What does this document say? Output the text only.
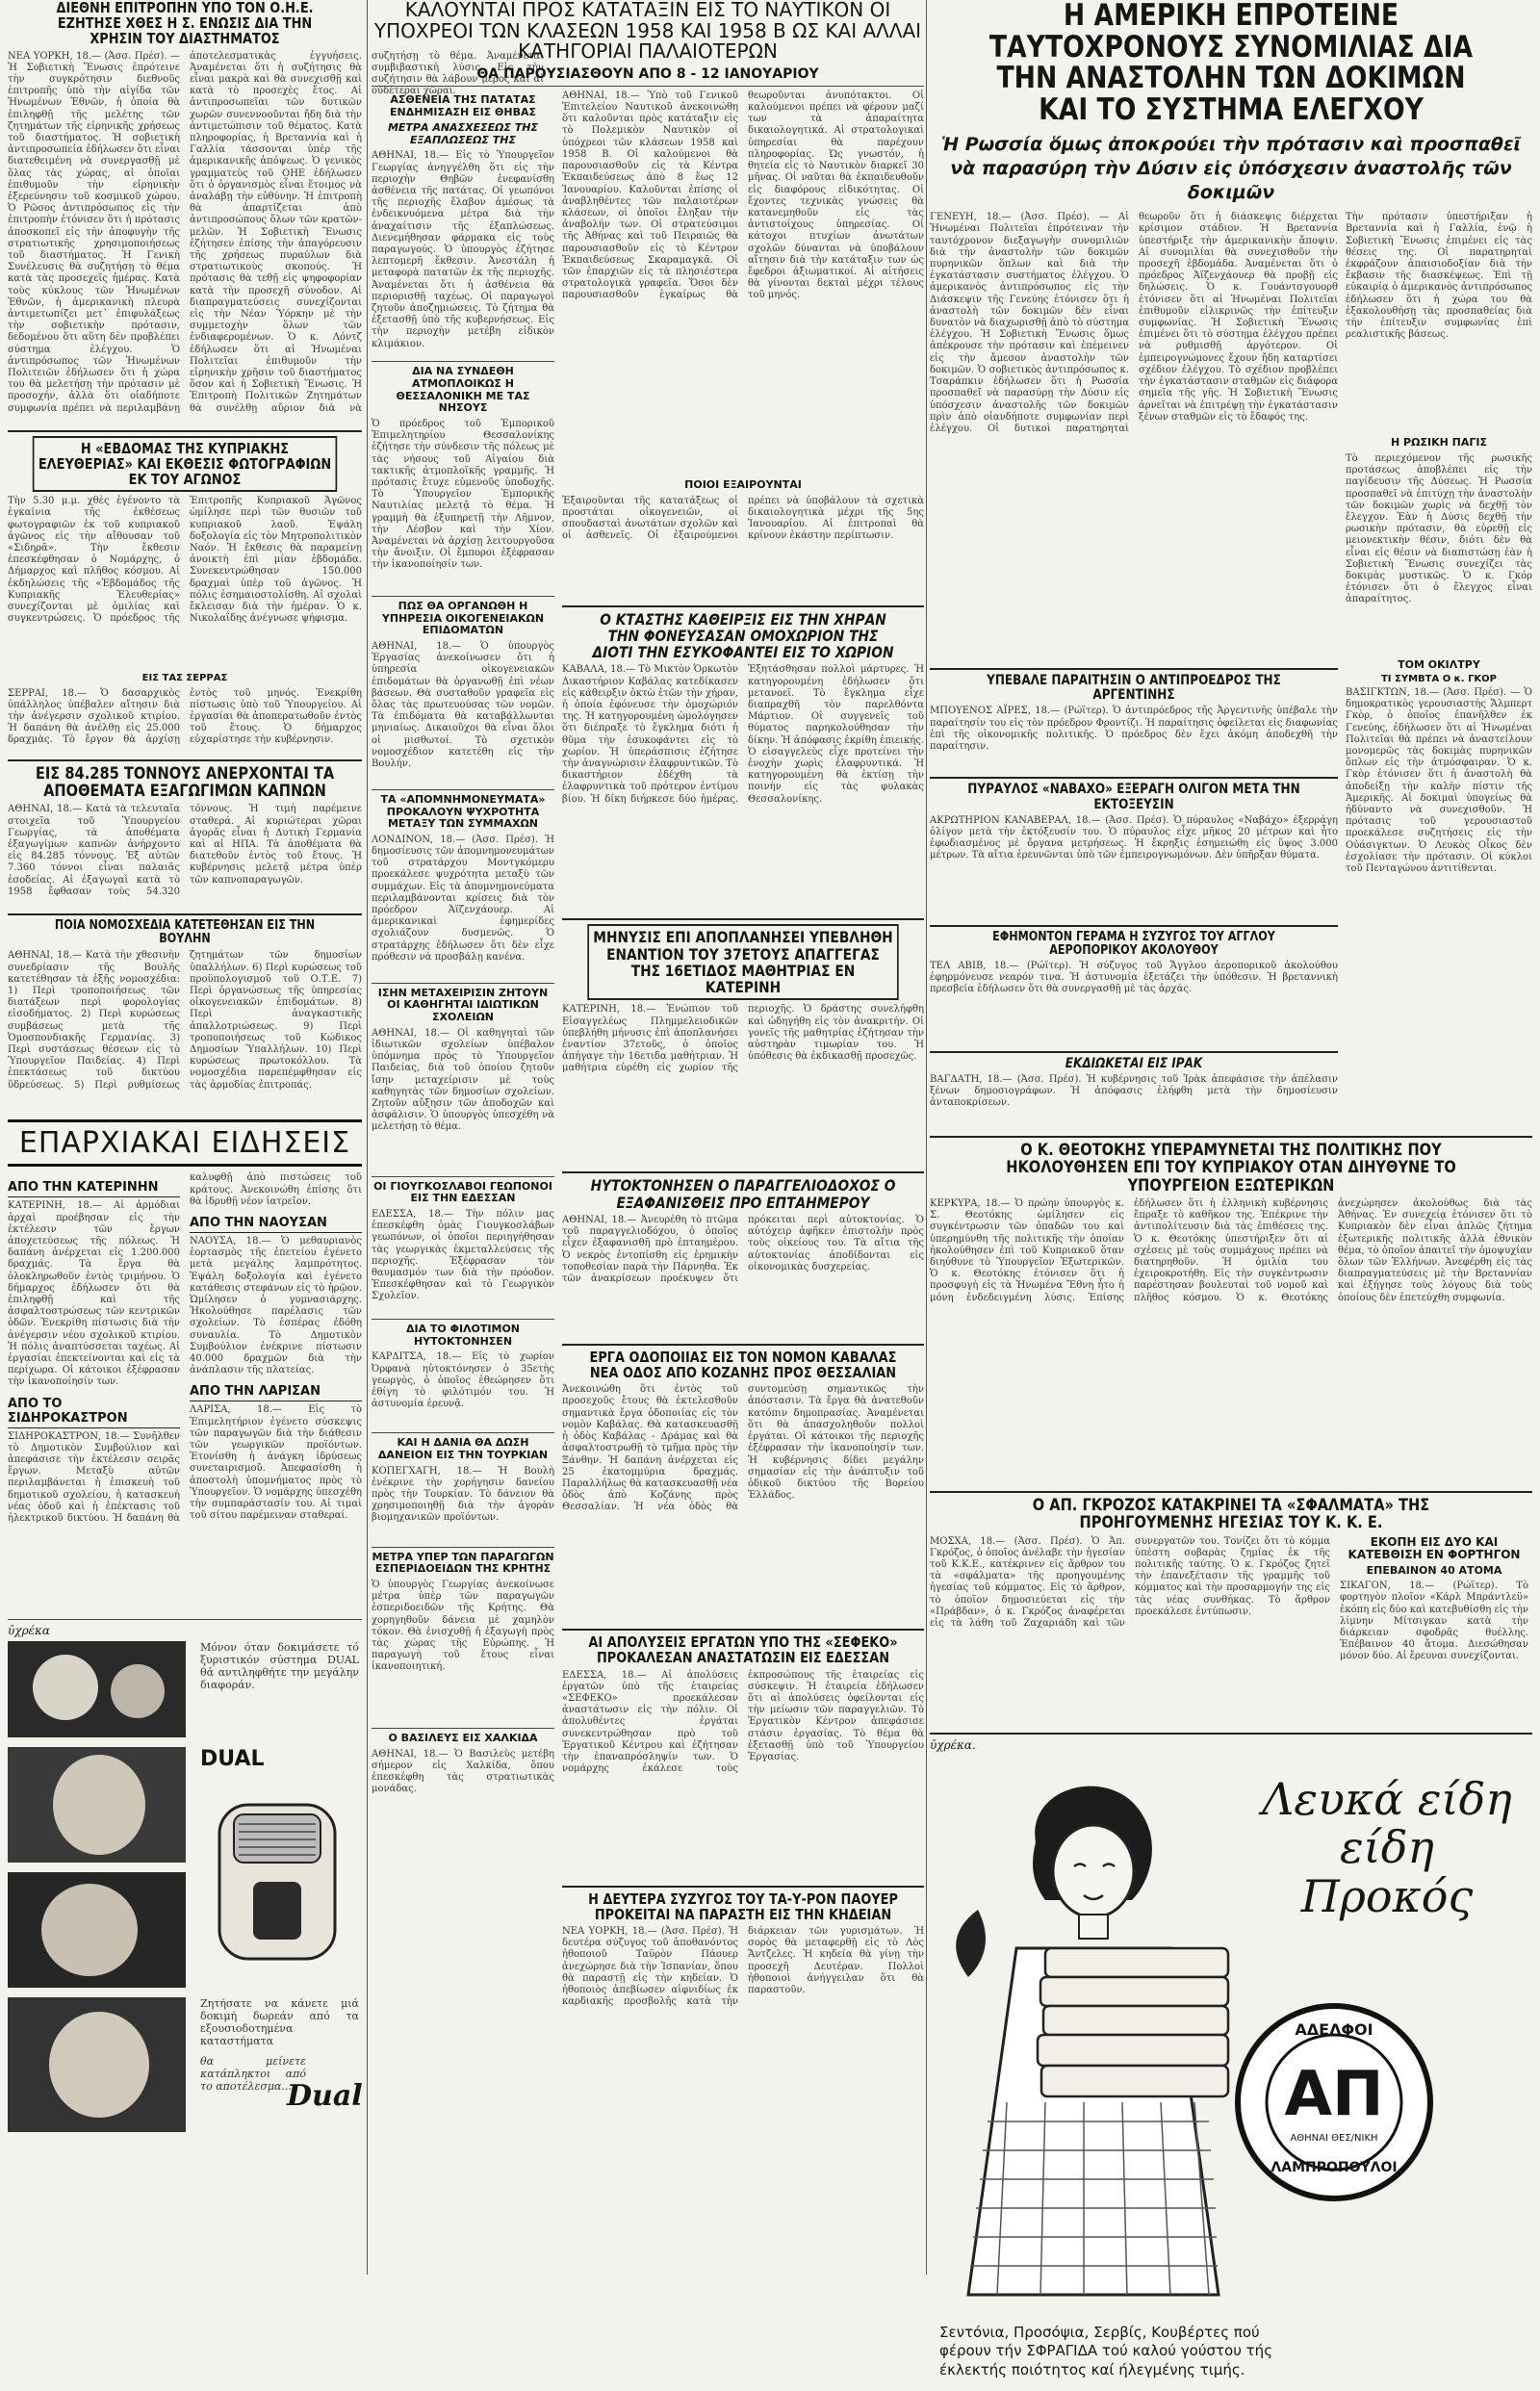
ΔΙΕΘΝΗ ΕΠΙΤΡΟΠΗΝ ΥΠΟ ΤΟΝ Ο.Η.Ε. ΕΖΗΤΗΣΕ ΧΘΕΣ Η Σ. ΕΝΩΣΙΣ ΔΙΑ ΤΗΝ ΧΡΗΣΙΝ ΤΟΥ ΔΙΑΣΤΗΜΑΤΟΣ
ΝΕΑ ΥΟΡΚΗ, 18.— (Ἀσσ. Πρέσ). — Ἡ Σοβιετικὴ Ἕνωσις ἐπρότεινε τὴν συγκρότησιν διεθνοῦς ἐπιτροπῆς ὑπὸ τὴν αἰγίδα τῶν Ἡνωμένων Ἐθνῶν, ἡ ὁποία θὰ ἐπιληφθῇ τῆς μελέτης τῶν ζητημάτων τῆς εἰρηνικῆς χρήσεως τοῦ διαστήματος. Ἡ σοβιετικὴ ἀντιπροσωπεία ἐδήλωσεν ὅτι εἶναι διατεθειμένη νὰ συνεργασθῇ μὲ ὅλας τὰς χώρας, αἱ ὁποῖαι ἐπιθυμοῦν τὴν εἰρηνικὴν ἐξερεύνησιν τοῦ κοσμικοῦ χώρου. Ὁ Ρῶσος ἀντιπρόσωπος εἰς τὴν ἐπιτροπὴν ἐτόνισεν ὅτι ἡ πρότασις ἀποσκοπεῖ εἰς τὴν ἀποφυγὴν τῆς στρατιωτικῆς χρησιμοποιήσεως τοῦ διαστήματος. Ἡ Γενικὴ Συνέλευσις θὰ συζητήσῃ τὸ θέμα κατὰ τὰς προσεχεῖς ἡμέρας. Κατὰ τοὺς κύκλους τῶν Ἡνωμένων Ἐθνῶν, ἡ ἀμερικανικὴ πλευρὰ ἀντιμετωπίζει μετ᾿ ἐπιφυλάξεως τὴν σοβιετικὴν πρότασιν, δεδομένου ὅτι αὕτη δὲν προβλέπει σύστημα ἐλέγχου. Ὁ ἀντιπρόσωπος τῶν Ἡνωμένων Πολιτειῶν ἐδήλωσεν ὅτι ἡ χώρα του θὰ μελετήσῃ τὴν πρότασιν μὲ προσοχήν, ἀλλὰ ὅτι οἱαδήποτε συμφωνία πρέπει νὰ περιλαμβάνῃ ἀποτελεσματικὰς ἐγγυήσεις. Ἀναμένεται ὅτι ἡ συζήτησις θὰ εἶναι μακρὰ καὶ θὰ συνεχισθῇ καὶ κατὰ τὸ προσεχὲς ἔτος. Αἱ ἀντιπροσωπεῖαι τῶν δυτικῶν χωρῶν συνεννοοῦνται ἤδη διὰ τὴν ἀντιμετώπισιν τοῦ θέματος. Κατὰ πληροφορίας, ἡ Βρεταννία καὶ ἡ Γαλλία τάσσονται ὑπὲρ τῆς ἀμερικανικῆς ἀπόψεως. Ὁ γενικὸς γραμματεὺς τοῦ ΟΗΕ ἐδήλωσεν ὅτι ὁ ὀργανισμὸς εἶναι ἕτοιμος νὰ ἀναλάβῃ τὴν εὐθύνην. Ἡ ἐπιτροπὴ θὰ ἀπαρτίζεται ἀπὸ ἀντιπροσώπους ὅλων τῶν κρατῶν-μελῶν. Ἡ Σοβιετικὴ Ἕνωσις ἐζήτησεν ἐπίσης τὴν ἀπαγόρευσιν τῆς χρήσεως πυραύλων διὰ στρατιωτικοὺς σκοπούς. Ἡ πρότασις θὰ τεθῇ εἰς ψηφοφορίαν κατὰ τὴν προσεχῆ σύνοδον. Αἱ διαπραγματεύσεις συνεχίζονται εἰς τὴν Νέαν Ὑόρκην μὲ τὴν συμμετοχὴν ὅλων τῶν ἐνδιαφερομένων. Ὁ κ. Λόντζ ἐδήλωσεν ὅτι αἱ Ἡνωμέναι Πολιτεῖαι ἐπιθυμοῦν τὴν εἰρηνικὴν χρῆσιν τοῦ διαστήματος ὅσον καὶ ἡ Σοβιετικὴ Ἕνωσις. Ἡ Ἐπιτροπὴ Πολιτικῶν Ζητημάτων θὰ συνέλθῃ αὔριον διὰ νὰ συζητήσῃ τὸ θέμα. Ἀναμένεται συμβιβαστικὴ λύσις. Εἰς τὴν συζήτησιν θὰ λάβουν μέρος καὶ αἱ οὐδέτεραι χῶραι.
Η «ΕΒΔΟΜΑΣ ΤΗΣ ΚΥΠΡΙΑΚΗΣ ΕΛΕΥΘΕΡΙΑΣ» ΚΑΙ ΕΚΘΕΣΙΣ ΦΩΤΟΓΡΑΦΙΩΝ ΕΚ ΤΟΥ ΑΓΩΝΟΣ
Τὴν 5.30 μ.μ. χθὲς ἐγένοντο τὰ ἐγκαίνια τῆς ἐκθέσεως φωτογραφιῶν ἐκ τοῦ κυπριακοῦ ἀγῶνος εἰς τὴν αἴθουσαν τοῦ «Σιδηρᾶ». Τὴν ἔκθεσιν ἐπεσκέφθησαν ὁ Νομάρχης, ὁ Δήμαρχος καὶ πλῆθος κόσμου. Αἱ ἐκδηλώσεις τῆς «Ἑβδομάδος τῆς Κυπριακῆς Ἐλευθερίας» συνεχίζονται μὲ ὁμιλίας καὶ συγκεντρώσεις. Ὁ πρόεδρος τῆς Ἐπιτροπῆς Κυπριακοῦ Ἀγῶνος ὡμίλησε περὶ τῶν θυσιῶν τοῦ κυπριακοῦ λαοῦ. Ἐψάλη δοξολογία εἰς τὸν Μητροπολιτικὸν Ναόν. Ἡ ἔκθεσις θὰ παραμείνῃ ἀνοικτὴ ἐπὶ μίαν ἑβδομάδα. Συνεκεντρώθησαν 150.000 δραχμαὶ ὑπὲρ τοῦ ἀγῶνος. Ἡ πόλις ἐσημαιοστολίσθη. Αἱ σχολαὶ ἔκλεισαν διὰ τὴν ἡμέραν. Ὁ κ. Νικολαΐδης ἀνέγνωσε ψήφισμα.
ΕΙΣ ΤΑΣ ΣΕΡΡΑΣ
ΣΕΡΡΑΙ, 18.— Ὁ δασαρχικὸς ὑπάλληλος ὑπέβαλεν αἴτησιν διὰ τὴν ἀνέγερσιν σχολικοῦ κτιρίου. Ἡ δαπάνη θὰ ἀνέλθῃ εἰς 25.000 δραχμὰς. Τὸ ἔργον θὰ ἀρχίσῃ ἐντὸς τοῦ μηνός. Ἐνεκρίθη πίστωσις ὑπὸ τοῦ Ὑπουργείου. Αἱ ἐργασίαι θὰ ἀποπερατωθοῦν ἐντὸς τοῦ ἔτους. Ὁ δήμαρχος εὐχαρίστησε τὴν κυβέρνησιν.
ΕΙΣ 84.285 ΤΟΝΝΟΥΣ ΑΝΕΡΧΟΝΤΑΙ ΤΑ ΑΠΟΘΕΜΑΤΑ ΕΞΑΓΩΓΙΜΩΝ ΚΑΠΝΩΝ
ΑΘΗΝΑΙ, 18.— Κατὰ τὰ τελευταῖα στοιχεῖα τοῦ Ὑπουργείου Γεωργίας, τὰ ἀποθέματα ἐξαγωγίμων καπνῶν ἀνήρχοντο εἰς 84.285 τόννους. Ἐξ αὐτῶν 7.360 τόννοι εἶναι παλαιᾶς ἐσοδείας. Αἱ ἐξαγωγαὶ κατὰ τὸ 1958 ἔφθασαν τοὺς 54.320 τόννους. Ἡ τιμὴ παρέμεινε σταθερά. Αἱ κυριώτεραι χῶραι ἀγορᾶς εἶναι ἡ Δυτικὴ Γερμανία καὶ αἱ ΗΠΑ. Τὰ ἀποθέματα θὰ διατεθοῦν ἐντὸς τοῦ ἔτους. Ἡ κυβέρνησις μελετᾷ μέτρα ὑπὲρ τῶν καπνοπαραγωγῶν.
ΠΟΙΑ ΝΟΜΟΣΧΕΔΙΑ ΚΑΤΕΤΕΘΗΣΑΝ ΕΙΣ ΤΗΝ ΒΟΥΛΗΝ
ΑΘΗΝΑΙ, 18.— Κατὰ τὴν χθεσινὴν συνεδρίασιν τῆς Βουλῆς κατετέθησαν τὰ ἑξῆς νομοσχέδια: 1) Περὶ τροποποιήσεως τῶν διατάξεων περὶ φορολογίας εἰσοδήματος. 2) Περὶ κυρώσεως συμβάσεως μετὰ τῆς Ὁμοσπονδιακῆς Γερμανίας. 3) Περὶ συστάσεως θέσεων εἰς τὸ Ὑπουργεῖον Παιδείας. 4) Περὶ ἐπεκτάσεως τοῦ δικτύου ὕδρεύσεως. 5) Περὶ ρυθμίσεως ζητημάτων τῶν δημοσίων ὑπαλλήλων. 6) Περὶ κυρώσεως τοῦ προϋπολογισμοῦ τοῦ Ο.Τ.Ε. 7) Περὶ ὀργανώσεως τῆς ὑπηρεσίας οἰκογενειακῶν ἐπιδομάτων. 8) Περὶ ἀναγκαστικῆς ἀπαλλοτριώσεως. 9) Περὶ τροποποιήσεως τοῦ Κώδικος Δημοσίων Ὑπαλλήλων. 10) Περὶ κυρώσεως πρωτοκόλλου. Τὰ νομοσχέδια παρεπέμφθησαν εἰς τὰς ἁρμοδίας ἐπιτροπάς.
ΕΠΑΡΧΙΑΚΑΙ ΕΙΔΗΣΕΙΣ
ΑΠΟ ΤΗΝ ΚΑΤΕΡΙΝΗΝ
ΚΑΤΕΡΙΝΗ, 18.— Αἱ ἀρμόδιαι ἀρχαὶ προέβησαν εἰς τὴν ἐκτέλεσιν τῶν ἔργων ἀποχετεύσεως τῆς πόλεως. Ἡ δαπάνη ἀνέρχεται εἰς 1.200.000 δραχμάς. Τὰ ἔργα θὰ ὁλοκληρωθοῦν ἐντὸς τριμήνου. Ὁ δήμαρχος ἐδήλωσεν ὅτι θὰ ἐπιληφθῇ καὶ τῆς ἀσφαλτοστρώσεως τῶν κεντρικῶν ὁδῶν. Ἐνεκρίθη πίστωσις διὰ τὴν ἀνέγερσιν νέου σχολικοῦ κτιρίου. Ἡ πόλις ἀναπτύσσεται ταχέως. Αἱ ἐργασίαι ἐπεκτείνονται καὶ εἰς τὰ περίχωρα. Οἱ κάτοικοι ἐξέφρασαν τὴν ἱκανοποίησίν των.
ΑΠΟ ΤΟ ΣΙΔΗΡΟΚΑΣΤΡΟΝ
ΣΙΔΗΡΟΚΑΣΤΡΟΝ, 18.— Συνῆλθεν τὸ Δημοτικὸν Συμβούλιον καὶ ἀπεφάσισε τὴν ἐκτέλεσιν σειρᾶς ἔργων. Μεταξὺ αὐτῶν περιλαμβάνεται ἡ ἐπισκευὴ τοῦ δημοτικοῦ σχολείου, ἡ κατασκευὴ νέας ὁδοῦ καὶ ἡ ἐπέκτασις τοῦ ἠλεκτρικοῦ δικτύου. Ἡ δαπάνη θὰ καλυφθῇ ἀπὸ πιστώσεις τοῦ κράτους. Ἀνεκοινώθη ἐπίσης ὅτι θὰ ἱδρυθῇ νέον ἰατρεῖον.
ΑΠΟ ΤΗΝ ΝΑΟΥΣΑΝ
ΝΑΟΥΣΑ, 18.— Ὁ μεθαυριανὸς ἑορτασμὸς τῆς ἐπετείου ἐγένετο μετὰ μεγάλης λαμπρότητος. Ἐψάλη δοξολογία καὶ ἐγένετο κατάθεσις στεφάνων εἰς τὸ ἡρῷον. Ὡμίλησεν ὁ γυμνασιάρχης. Ἠκολούθησε παρέλασις τῶν σχολείων. Τὸ ἑσπέρας ἐδόθη συναυλία. Τὸ Δημοτικὸν Συμβούλιον ἐνέκρινε πίστωσιν 40.000 δραχμῶν διὰ τὴν ἀνάπλασιν τῆς πλατείας.
ΑΠΟ ΤΗΝ ΛΑΡΙΣΑΝ
ΛΑΡΙΣΑ, 18.— Εἰς τὸ Ἐπιμελητήριον ἐγένετο σύσκεψις τῶν παραγωγῶν διὰ τὴν διάθεσιν τῶν γεωργικῶν προϊόντων. Ἐτονίσθη ἡ ἀνάγκη ἱδρύσεως συνεταιρισμοῦ. Ἀπεφασίσθη ἡ ἀποστολὴ ὑπομνήματος πρὸς τὸ Ὑπουργεῖον. Ὁ νομάρχης ὑπεσχέθη τὴν συμπαράστασίν του. Αἱ τιμαὶ τοῦ σίτου παρέμειναν σταθεραί.
ῡχρέκα
Μόνον όταν δοκιμάσετε τό ξυριστικόν σύστημα DUAL θά αντιληφθήτε την μεγάλην διαφοράν.
DUAL
Ζητήσατε να κάνετε μιά δοκιμή δωρεάν από τα εξουσιοδοτημένα καταστήματα
θα μείνετε κατάπληκτοι από τo αποτέλεσμα...
Dual
ΚΑΛΟΥΝΤΑΙ ΠΡΟΣ ΚΑΤΑΤΑΞΙΝ ΕΙΣ ΤΟ ΝΑΥΤΙΚΟΝ ΟΙ ΥΠΟΧΡΕΟΙ ΤΩΝ ΚΛΑΣΕΩΝ 1958 ΚΑΙ 1958 Β ΩΣ ΚΑΙ ΑΛΛΑΙ ΚΑΤΗΓΟΡΙΑΙ ΠΑΛΑΙΟΤΕΡΩΝ
ΘΑ ΠΑΡΟΥΣΙΑΣΘΟΥΝ ΑΠΟ 8 - 12 ΙΑΝΟΥΑΡΙΟΥ
ΑΣΘΕΝΕΙΑ ΤΗΣ ΠΑΤΑΤΑΣ ΕΝΔΗΜΙΣΑΣΗ ΕΙΣ ΘΗΒΑΣ
ΜΕΤΡΑ ΑΝΑΣΧΕΣΕΩΣ ΤΗΣ ΕΞΑΠΛΩΣΕΩΣ ΤΗΣ
ΑΘΗΝΑΙ, 18.— Εἰς τὸ Ὑπουργεῖον Γεωργίας ἀνηγγέλθη ὅτι εἰς τὴν περιοχὴν Θηβῶν ἐνεφανίσθη ἀσθένεια τῆς πατάτας. Οἱ γεωπόνοι τῆς περιοχῆς ἔλαβον ἀμέσως τὰ ἐνδεικνυόμενα μέτρα διὰ τὴν ἀναχαίτισιν τῆς ἐξαπλώσεως. Διενεμήθησαν φάρμακα εἰς τοὺς παραγωγούς. Ὁ ὑπουργὸς ἐζήτησε λεπτομερῆ ἔκθεσιν. Ἀνεστάλη ἡ μεταφορὰ πατατῶν ἐκ τῆς περιοχῆς. Ἀναμένεται ὅτι ἡ ἀσθένεια θὰ περιορισθῇ ταχέως. Οἱ παραγωγοὶ ζητοῦν ἀποζημιώσεις. Τὸ ζήτημα θὰ ἐξετασθῇ ὑπὸ τῆς κυβερνήσεως. Εἰς τὴν περιοχὴν μετέβη εἰδικὸν κλιμάκιον.
ΔΙΑ ΝΑ ΣΥΝΔΕΘΗ ΑΤΜΟΠΛΟΙΚΩΣ Η ΘΕΣΣΑΛΟΝΙΚΗ ΜΕ ΤΑΣ ΝΗΣΟΥΣ
Ὁ πρόεδρος τοῦ Ἐμπορικοῦ Ἐπιμελητηρίου Θεσσαλονίκης ἐζήτησε τὴν σύνδεσιν τῆς πόλεως μὲ τὰς νήσους τοῦ Αἰγαίου διὰ τακτικῆς ἀτμοπλοϊκῆς γραμμῆς. Ἡ πρότασις ἔτυχε εὐμενοῦς ὑποδοχῆς. Τὸ Ὑπουργεῖον Ἐμπορικῆς Ναυτιλίας μελετᾷ τὸ θέμα. Ἡ γραμμὴ θὰ ἐξυπηρετῇ τὴν Λῆμνον, τὴν Λέσβον καὶ τὴν Χίον. Ἀναμένεται νὰ ἀρχίσῃ λειτουργοῦσα τὴν ἄνοιξιν. Οἱ ἔμποροι ἐξέφρασαν τὴν ἱκανοποίησίν των.
ΠΩΣ ΘΑ ΟΡΓΑΝΩΘΗ Η ΥΠΗΡΕΣΙΑ ΟΙΚΟΓΕΝΕΙΑΚΩΝ ΕΠΙΔΟΜΑΤΩΝ
ΑΘΗΝΑΙ, 18.— Ὁ ὑπουργὸς Ἐργασίας ἀνεκοίνωσεν ὅτι ἡ ὑπηρεσία οἰκογενειακῶν ἐπιδομάτων θὰ ὀργανωθῇ ἐπὶ νέων βάσεων. Θὰ συσταθοῦν γραφεῖα εἰς ὅλας τὰς πρωτευούσας τῶν νομῶν. Τὰ ἐπιδόματα θὰ καταβάλλωνται μηνιαίως. Δικαιοῦχοι θὰ εἶναι ὅλοι οἱ μισθωτοί. Τὸ σχετικὸν νομοσχέδιον κατετέθη εἰς τὴν Βουλήν.
ΤΑ «ΑΠΟΜΝΗΜΟΝΕΥΜΑΤΑ» ΠΡΟΚΑΛΟΥΝ ΨΥΧΡΟΤΗΤΑ ΜΕΤΑΞΥ ΤΩΝ ΣΥΜΜΑΧΩΝ
ΛΟΝΔΙΝΟΝ, 18.— (Ἀσσ. Πρέσ). Ἡ δημοσίευσις τῶν ἀπομνημονευμάτων τοῦ στρατάρχου Μοντγκόμερυ προεκάλεσε ψυχρότητα μεταξὺ τῶν συμμάχων. Εἰς τὰ ἀπομνημονεύματα περιλαμβάνονται κρίσεις διὰ τὸν πρόεδρον Ἀϊζενχάουερ. Αἱ ἀμερικανικαὶ ἐφημερίδες σχολιάζουν δυσμενῶς. Ὁ στρατάρχης ἐδήλωσεν ὅτι δὲν εἶχε πρόθεσιν νὰ προσβάλῃ κανένα.
ΙΣΗΝ ΜΕΤΑΧΕΙΡΙΣΙΝ ΖΗΤΟΥΝ ΟΙ ΚΑΘΗΓΗΤΑΙ ΙΔΙΩΤΙΚΩΝ ΣΧΟΛΕΙΩΝ
ΑΘΗΝΑΙ, 18.— Οἱ καθηγηταὶ τῶν ἰδιωτικῶν σχολείων ὑπέβαλον ὑπόμνημα πρὸς τὸ Ὑπουργεῖον Παιδείας, διὰ τοῦ ὁποίου ζητοῦν ἴσην μεταχείρισιν μὲ τοὺς καθηγητὰς τῶν δημοσίων σχολείων. Ζητοῦν αὔξησιν τῶν ἀποδοχῶν καὶ ἀσφάλισιν. Ὁ ὑπουργὸς ὑπεσχέθη νὰ μελετήσῃ τὸ θέμα.
ΟΙ ΓΙΟΥΓΚΟΣΛΑΒΟΙ ΓΕΩΠΟΝΟΙ ΕΙΣ ΤΗΝ ΕΔΕΣΣΑΝ
ΕΔΕΣΣΑ, 18.— Τὴν πόλιν μας ἐπεσκέφθη ὁμὰς Γιουγκοσλάβων γεωπόνων, οἱ ὁποῖοι περιηγήθησαν τὰς γεωργικὰς ἐκμεταλλεύσεις τῆς περιοχῆς. Ἐξέφρασαν τὸν θαυμασμόν των διὰ τὴν πρόοδον. Ἐπεσκέφθησαν καὶ τὸ Γεωργικὸν Σχολεῖον.
ΔΙΑ ΤΟ ΦΙΛΟΤΙΜΟΝ ΗΥΤΟΚΤΟΝΗΣΕΝ
ΚΑΡΔΙΤΣΑ, 18.— Εἰς τὸ χωρίον Ὀρφανὰ ηὐτοκτόνησεν ὁ 35ετὴς γεωργὸς, ὁ ὁποῖος ἐθεώρησεν ὅτι ἐθίγη τὸ φιλότιμόν του. Ἡ ἀστυνομία ἐρευνᾷ.
ΚΑΙ Η ΔΑΝΙΑ ΘΑ ΔΩΣΗ ΔΑΝΕΙΟΝ ΕΙΣ ΤΗΝ ΤΟΥΡΚΙΑΝ
ΚΟΠΕΓΧΑΓΗ, 18.— Ἡ Βουλὴ ἐνέκρινε τὴν χορήγησιν δανείου πρὸς τὴν Τουρκίαν. Τὸ δάνειον θὰ χρησιμοποιηθῇ διὰ τὴν ἀγορὰν βιομηχανικῶν προϊόντων.
ΜΕΤΡΑ ΥΠΕΡ ΤΩΝ ΠΑΡΑΓΩΓΩΝ ΕΣΠΕΡΙΔΟΕΙΔΩΝ ΤΗΣ ΚΡΗΤΗΣ
Ὁ ὑπουργὸς Γεωργίας ἀνεκοίνωσε μέτρα ὑπὲρ τῶν παραγωγῶν ἐσπεριδοειδῶν τῆς Κρήτης. Θὰ χορηγηθοῦν δάνεια μὲ χαμηλὸν τόκον. Θὰ ἐνισχυθῇ ἡ ἐξαγωγὴ πρὸς τὰς χώρας τῆς Εὐρώπης. Ἡ παραγωγὴ τοῦ ἔτους εἶναι ἱκανοποιητική.
Ο ΒΑΣΙΛΕΥΣ ΕΙΣ ΧΑΛΚΙΔΑ
ΑΘΗΝΑΙ, 18.— Ὁ Βασιλεὺς μετέβη σήμερον εἰς Χαλκίδα, ὅπου ἐπεσκέφθη τὰς στρατιωτικὰς μονάδας.
ΑΘΗΝΑΙ, 18.— Ὑπὸ τοῦ Γενικοῦ Ἐπιτελείου Ναυτικοῦ ἀνεκοινώθη ὅτι καλοῦνται πρὸς κατάταξιν εἰς τὸ Πολεμικὸν Ναυτικὸν οἱ ὑπόχρεοι τῶν κλάσεων 1958 καὶ 1958 Β. Οἱ καλούμενοι θὰ παρουσιασθοῦν εἰς τὰ Κέντρα Ἐκπαιδεύσεως ἀπὸ 8 ἕως 12 Ἰανουαρίου. Καλοῦνται ἐπίσης οἱ ἀναβληθέντες τῶν παλαιοτέρων κλάσεων, οἱ ὁποῖοι ἔληξαν τὴν ἀναβολήν των. Οἱ στρατεύσιμοι τῆς Ἀθήνας καὶ τοῦ Πειραιῶς θὰ παρουσιασθοῦν εἰς τὸ Κέντρον Ἐκπαιδεύσεως Σκαραμαγκᾶ. Οἱ τῶν ἐπαρχιῶν εἰς τὰ πλησιέστερα στρατολογικὰ γραφεῖα. Ὅσοι δὲν παρουσιασθοῦν ἐγκαίρως θὰ θεωροῦνται ἀνυπότακτοι. Οἱ καλούμενοι πρέπει νὰ φέρουν μαζί των τὰ ἀπαραίτητα δικαιολογητικά. Αἱ στρατολογικαὶ ὑπηρεσίαι θὰ παρέχουν πληροφορίας. Ὡς γνωστόν, ἡ θητεία εἰς τὸ Ναυτικὸν διαρκεῖ 30 μῆνας. Οἱ ναῦται θὰ ἐκπαιδευθοῦν εἰς διαφόρους εἰδικότητας. Οἱ ἔχοντες τεχνικὰς γνώσεις θὰ κατανεμηθοῦν εἰς τὰς ἀντιστοίχους ὑπηρεσίας. Οἱ κάτοχοι πτυχίων ἀνωτάτων σχολῶν δύνανται νὰ ὑποβάλουν αἴτησιν διὰ τὴν κατάταξιν των ὡς ἔφεδροι ἀξιωματικοί. Αἱ αἰτήσεις θὰ γίνονται δεκταὶ μέχρι τέλους τοῦ μηνός.
ΠΟΙΟΙ ΕΞΑΙΡΟΥΝΤΑΙ
Ἐξαιροῦνται τῆς κατατάξεως οἱ προστάται οἰκογενειῶν, οἱ σπουδασταὶ ἀνωτάτων σχολῶν καὶ οἱ ἀσθενεῖς. Οἱ ἐξαιρούμενοι πρέπει νὰ ὑποβάλουν τὰ σχετικὰ δικαιολογητικὰ μέχρι τῆς 5ης Ἰανουαρίου. Αἱ ἐπιτροπαὶ θὰ κρίνουν ἑκάστην περίπτωσιν.
Ο ΚΤΑΣΤΗΣ ΚΑΘΕΙΡΞΙΣ ΕΙΣ ΤΗΝ ΧΗΡΑΝ ΤΗΝ ΦΟΝΕΥΣΑΣΑΝ ΟΜΟΧΩΡΙΟΝ ΤΗΣ ΔΙΟΤΙ ΤΗΝ ΕΣΥΚΟΦΑΝΤΕΙ ΕΙΣ ΤΟ ΧΩΡΙΟΝ
ΚΑΒΑΛΑ, 18.— Τὸ Μικτὸν Ὁρκωτὸν Δικαστήριον Καβάλας κατεδίκασεν εἰς κάθειρξιν ὀκτὼ ἐτῶν τὴν χήραν, ἡ ὁποία ἐφόνευσε τὴν ὁμοχώριόν της. Ἡ κατηγορουμένη ὡμολόγησεν ὅτι διέπραξε τὸ ἔγκλημα διότι ἡ θῦμα τὴν ἐσυκοφάντει εἰς τὸ χωρίον. Ἡ ὑπεράσπισις ἐζήτησε τὴν ἀναγνώρισιν ἐλαφρυντικῶν. Τὸ δικαστήριον ἐδέχθη τὰ ἐλαφρυντικὰ τοῦ πρότερον ἐντίμου βίου. Ἡ δίκη διήρκεσε δύο ἡμέρας. Ἐξητάσθησαν πολλοὶ μάρτυρες. Ἡ κατηγορουμένη ἐδήλωσεν ὅτι μετανοεῖ. Τὸ ἔγκλημα εἶχε διαπραχθῆ τὸν παρελθόντα Μάρτιον. Οἱ συγγενεῖς τοῦ θύματος παρηκολούθησαν τὴν δίκην. Ἡ ἀπόφασις ἐκρίθη ἐπιεικής. Ὁ εἰσαγγελεὺς εἶχε προτείνει τὴν ἐνοχὴν χωρὶς ἐλαφρυντικά. Ἡ κατηγορουμένη θὰ ἐκτίσῃ τὴν ποινὴν εἰς τὰς φυλακὰς Θεσσαλονίκης.
ΜΗΝΥΣΙΣ ΕΠΙ ΑΠΟΠΛΑΝΗΣΕΙ ΥΠΕΒΛΗΘΗ ΕΝΑΝΤΙΟΝ ΤΟΥ 37ΕΤΟΥΣ ΑΠΑΓΓΕΓΑΣ ΤΗΣ 16ΕΤΙΔΟΣ ΜΑΘΗΤΡΙΑΣ ΕΝ ΚΑΤΕΡΙΝΗ
ΚΑΤΕΡΙΝΗ, 18.— Ἐνώπιον τοῦ Εἰσαγγελέως Πλημμελειοδικῶν ὑπεβλήθη μήνυσις ἐπὶ ἀποπλανήσει ἐναντίον 37ετοῦς, ὁ ὁποῖος ἀπήγαγε τὴν 16ετιδα μαθήτριαν. Ἡ μαθήτρια εὑρέθη εἰς χωρίον τῆς περιοχῆς. Ὁ δράστης συνελήφθη καὶ ὡδηγήθη εἰς τὸν ἀνακριτήν. Οἱ γονεῖς τῆς μαθητρίας ἐζήτησαν τὴν αὐστηρὰν τιμωρίαν του. Ἡ ὑπόθεσις θὰ ἐκδικασθῇ προσεχῶς.
ΗΥΤΟΚΤΟΝΗΣΕΝ Ο ΠΑΡΑΓΓΕΛΙΟΔΟΧΟΣ Ο ΕΞΑΦΑΝΙΣΘΕΙΣ ΠΡΟ ΕΠΤΑΗΜΕΡΟΥ
ΑΘΗΝΑΙ, 18.— Ἀνευρέθη τὸ πτῶμα τοῦ παραγγελιοδόχου, ὁ ὁποῖος εἶχεν ἐξαφανισθῆ πρὸ ἐπταημέρου. Ὁ νεκρὸς ἐντοπίσθη εἰς ἐρημικὴν τοποθεσίαν παρὰ τὴν Πάρνηθα. Ἐκ τῶν ἀνακρίσεων προέκυψεν ὅτι πρόκειται περὶ αὐτοκτονίας. Ὁ αὐτόχειρ ἀφῆκεν ἐπιστολὴν πρὸς τοὺς οἰκείους του. Τὰ αἴτια τῆς αὐτοκτονίας ἀποδίδονται εἰς οἰκονομικὰς δυσχερείας.
ΕΡΓΑ ΟΔΟΠΟΙΙΑΣ ΕΙΣ ΤΟΝ ΝΟΜΟΝ ΚΑΒΑΛΑΣ
ΝΕΑ ΟΔΟΣ ΑΠΟ ΚΟΖΑΝΗΣ ΠΡΟΣ ΘΕΣΣΑΛΙΑΝ
Ἀνεκοινώθη ὅτι ἐντὸς τοῦ προσεχοῦς ἔτους θὰ ἐκτελεσθοῦν σημαντικὰ ἔργα ὁδοποιίας εἰς τὸν νομὸν Καβάλας. Θὰ κατασκευασθῇ ἡ ὁδὸς Καβάλας - Δράμας καὶ θὰ ἀσφαλτοστρωθῇ τὸ τμῆμα πρὸς τὴν Ξάνθην. Ἡ δαπάνη ἀνέρχεται εἰς 25 ἑκατομμύρια δραχμάς. Παραλλήλως θὰ κατασκευασθῇ νέα ὁδὸς ἀπὸ Κοζάνης πρὸς Θεσσαλίαν. Ἡ νέα ὁδὸς θὰ συντομεύσῃ σημαντικῶς τὴν ἀπόστασιν. Τὰ ἔργα θὰ ἀνατεθοῦν κατόπιν δημοπρασίας. Ἀναμένεται ὅτι θὰ ἀπασχοληθοῦν πολλοὶ ἐργάται. Οἱ κάτοικοι τῆς περιοχῆς ἐξέφρασαν τὴν ἱκανοποίησίν των. Ἡ κυβέρνησις δίδει μεγάλην σημασίαν εἰς τὴν ἀνάπτυξιν τοῦ ὁδικοῦ δικτύου τῆς Βορείου Ἑλλάδος.
ΑΙ ΑΠΟΛΥΣΕΙΣ ΕΡΓΑΤΩΝ ΥΠΟ ΤΗΣ «ΣΕΦΕΚΟ» ΠΡΟΚΑΛΕΣΑΝ ΑΝΑΣΤΑΤΩΣΙΝ ΕΙΣ ΕΔΕΣΣΑΝ
ΕΔΕΣΣΑ, 18.— Αἱ ἀπολύσεις ἐργατῶν ὑπὸ τῆς ἑταιρείας «ΣΕΦΕΚΟ» προεκάλεσαν ἀναστάτωσιν εἰς τὴν πόλιν. Οἱ ἀπολυθέντες ἐργάται συνεκεντρώθησαν πρὸ τοῦ Ἐργατικοῦ Κέντρου καὶ ἐζήτησαν τὴν ἐπαναπρόσληψίν των. Ὁ νομάρχης ἐκάλεσε τοὺς ἐκπροσώπους τῆς ἑταιρείας εἰς σύσκεψιν. Ἡ ἑταιρεία ἐδήλωσεν ὅτι αἱ ἀπολύσεις ὀφείλονται εἰς τὴν μείωσιν τῶν παραγγελιῶν. Τὸ Ἐργατικὸν Κέντρον ἀπεφάσισε στάσιν ἐργασίας. Τὸ θέμα θὰ ἐξετασθῇ ὑπὸ τοῦ Ὑπουργείου Ἐργασίας.
Η ΔΕΥΤΕΡΑ ΣΥΖΥΓΟΣ ΤΟΥ ΤΑ-Υ-ΡΟΝ ΠΑΟΥΕΡ ΠΡΟΚΕΙΤΑΙ ΝΑ ΠΑΡΑΣΤΗ ΕΙΣ ΤΗΝ ΚΗΔΕΙΑΝ
ΝΕΑ ΥΟΡΚΗ, 18.— (Ἀσσ. Πρέσ). Ἡ δευτέρα σύζυγος τοῦ ἀποθανόντος ἠθοποιοῦ Ταϋρὸν Πάουερ ἀνεχώρησε διὰ τὴν Ἰσπανίαν, ὅπου θὰ παραστῇ εἰς τὴν κηδείαν. Ὁ ἠθοποιὸς ἀπεβίωσεν αἰφνιδίως ἐκ καρδιακῆς προσβολῆς κατὰ τὴν διάρκειαν τῶν γυρισμάτων. Ἡ σορὸς θὰ μεταφερθῇ εἰς τὸ Λὸς Ἄντζελες. Ἡ κηδεία θὰ γίνῃ τὴν προσεχῆ Δευτέραν. Πολλοὶ ἠθοποιοὶ ἀνήγγειλαν ὅτι θὰ παραστοῦν.
Η ΑΜΕΡΙΚΗ ΕΠΡΟΤΕΙΝΕ ΤΑΥΤΟΧΡΟΝΟΥΣ ΣΥΝΟΜΙΛΙΑΣ ΔΙΑ ΤΗΝ ΑΝΑΣΤΟΛΗΝ ΤΩΝ ΔΟΚΙΜΩΝ ΚΑΙ ΤΟ ΣΥΣΤΗΜΑ ΕΛΕΓΧΟΥ
Ἡ Ρωσσία ὅμως ἀποκρούει τὴν πρότασιν καὶ προσπαθεῖ νὰ παρασύρη τὴν Δύσιν εἰς ὑπόσχεσιν ἀναστολῆς τῶν δοκιμῶν
ΓΕΝΕΥΗ, 18.— (Ἀσσ. Πρέσ). — Αἱ Ἡνωμέναι Πολιτεῖαι ἐπρότειναν τὴν ταυτόχρονον διεξαγωγὴν συνομιλιῶν διὰ τὴν ἀναστολὴν τῶν δοκιμῶν πυρηνικῶν ὅπλων καὶ διὰ τὴν ἐγκατάστασιν συστήματος ἐλέγχου. Ὁ ἀμερικανὸς ἀντιπρόσωπος εἰς τὴν Διάσκεψιν τῆς Γενεύης ἐτόνισεν ὅτι ἡ ἀναστολὴ τῶν δοκιμῶν δὲν εἶναι δυνατὸν νὰ διαχωρισθῇ ἀπὸ τὸ σύστημα ἐλέγχου. Ἡ Σοβιετικὴ Ἕνωσις ὅμως ἀπέκρουσε τὴν πρότασιν καὶ ἐπέμεινεν εἰς τὴν ἄμεσον ἀναστολὴν τῶν δοκιμῶν. Ὁ σοβιετικὸς ἀντιπρόσωπος κ. Τσαράπκιν ἐδήλωσεν ὅτι ἡ Ρωσσία προσπαθεῖ νὰ παρασύρῃ τὴν Δύσιν εἰς ὑπόσχεσιν ἀναστολῆς τῶν δοκιμῶν πρὶν ἀπὸ οἱανδήποτε συμφωνίαν περὶ ἐλέγχου. Οἱ δυτικοὶ παρατηρηταὶ θεωροῦν ὅτι ἡ διάσκεψις διέρχεται κρίσιμον στάδιον. Ἡ Βρεταννία ὑπεστήριξε τὴν ἀμερικανικὴν ἄποψιν. Αἱ συνομιλίαι θὰ συνεχισθοῦν τὴν προσεχῆ ἑβδομάδα. Ἀναμένεται ὅτι ὁ πρόεδρος Ἀϊζενχάουερ θὰ προβῇ εἰς δηλώσεις. Ὁ κ. Γουάντσγουορθ ἐτόνισεν ὅτι αἱ Ἡνωμέναι Πολιτεῖαι ἐπιθυμοῦν εἰλικρινῶς τὴν ἐπίτευξιν συμφωνίας. Ἡ Σοβιετικὴ Ἕνωσις ἐπιμένει ὅτι τὸ σύστημα ἐλέγχου πρέπει νὰ ρυθμισθῇ ἀργότερον. Οἱ ἐμπειρογνώμονες ἔχουν ἤδη καταρτίσει σχέδιον ἐλέγχου. Τὸ σχέδιον προβλέπει τὴν ἐγκατάστασιν σταθμῶν εἰς διάφορα σημεῖα τῆς γῆς. Ἡ Σοβιετικὴ Ἕνωσις ἀρνεῖται νὰ ἐπιτρέψῃ τὴν ἐγκατάστασιν ξένων σταθμῶν εἰς τὸ ἔδαφός της.
ΥΠΕΒΑΛΕ ΠΑΡΑΙΤΗΣΙΝ Ο ΑΝΤΙΠΡΟΕΔΡΟΣ ΤΗΣ ΑΡΓΕΝΤΙΝΗΣ
ΜΠΟΥΕΝΟΣ ΑΪΡΕΣ, 18.— (Ρώϊτερ). Ὁ ἀντιπρόεδρος τῆς Ἀργεντινῆς ὑπέβαλε τὴν παραίτησίν του εἰς τὸν πρόεδρον Φροντίζι. Ἡ παραίτησις ὀφείλεται εἰς διαφωνίας ἐπὶ τῆς οἰκονομικῆς πολιτικῆς. Ὁ πρόεδρος δὲν ἔχει ἀκόμη ἀποδεχθῆ τὴν παραίτησιν.
ΠΥΡΑΥΛΟΣ «ΝΑΒΑΧΟ» ΕΞΕΡΑΓΗ ΟΛΙΓΟΝ ΜΕΤΑ ΤΗΝ ΕΚΤΟΞΕΥΣΙΝ
ΑΚΡΩΤΗΡΙΟΝ ΚΑΝΑΒΕΡΑΛ, 18.— (Ἀσσ. Πρέσ). Ὁ πύραυλος «Ναβάχο» ἐξερράγη ὀλίγον μετὰ τὴν ἐκτόξευσίν του. Ὁ πύραυλος εἶχε μῆκος 20 μέτρων καὶ ἦτο ἐφωδιασμένος μὲ ὄργανα μετρήσεως. Ἡ ἔκρηξις ἐσημειώθη εἰς ὕψος 3.000 μέτρων. Τὰ αἴτια ἐρευνῶνται ὑπὸ τῶν ἐμπειρογνωμόνων. Δὲν ὑπῆρξαν θύματα.
ΕΦΗΜΟΝΤΟΝ ΓΕΡΑΜΑ Η ΣΥΖΥΓΟΣ ΤΟΥ ΑΓΓΛΟΥ ΑΕΡΟΠΟΡΙΚΟΥ ΑΚΟΛΟΥΘΟΥ
ΤΕΛ ΑΒΙΒ, 18.— (Ρώϊτερ). Ἡ σύζυγος τοῦ Ἄγγλου ἀεροπορικοῦ ἀκολούθου ἐφηρμόνευσε νεαρόν τινα. Ἡ ἀστυνομία ἐξετάζει τὴν ὑπόθεσιν. Ἡ βρεταννικὴ πρεσβεία ἐδήλωσεν ὅτι θὰ συνεργασθῇ μὲ τὰς ἀρχάς.
ΕΚΔΙΩΚΕΤΑΙ ΕΙΣ ΙΡΑΚ
ΒΑΓΔΑΤΗ, 18.— (Ἀσσ. Πρέσ). Ἡ κυβέρνησις τοῦ Ἰρὰκ ἀπεφάσισε τὴν ἀπέλασιν ξένων δημοσιογράφων. Ἡ ἀπόφασις ἐλήφθη μετὰ τὴν δημοσίευσιν ἀνταποκρίσεων.
Τὴν πρότασιν ὑπεστήριξαν ἡ Βρεταννία καὶ ἡ Γαλλία, ἐνῷ ἡ Σοβιετικὴ Ἕνωσις ἐπιμένει εἰς τὰς θέσεις της. Οἱ παρατηρηταὶ ἐκφράζουν ἀπαισιοδοξίαν διὰ τὴν ἔκβασιν τῆς διασκέψεως. Ἐπὶ τῇ εὐκαιρίᾳ ὁ ἀμερικανὸς ἀντιπρόσωπος ἐδήλωσεν ὅτι ἡ χώρα του θὰ ἐξακολουθήσῃ τὰς προσπαθείας διὰ τὴν ἐπίτευξιν συμφωνίας ἐπὶ ρεαλιστικῆς βάσεως.
Η ΡΩΣΙΚΗ ΠΑΓΙΣ
Τὸ περιεχόμενον τῆς ρωσικῆς προτάσεως ἀποβλέπει εἰς τὴν παγίδευσιν τῆς Δύσεως. Ἡ Ρωσσία προσπαθεῖ νὰ ἐπιτύχῃ τὴν ἀναστολὴν τῶν δοκιμῶν χωρὶς νὰ δεχθῇ τὸν ἔλεγχον. Ἐὰν ἡ Δύσις δεχθῇ τὴν ρωσικὴν πρότασιν, θὰ εὑρεθῇ εἰς μειονεκτικὴν θέσιν, διότι δὲν θὰ εἶναι εἰς θέσιν νὰ διαπιστώσῃ ἐὰν ἡ Σοβιετικὴ Ἕνωσις συνεχίζει τὰς δοκιμὰς μυστικῶς. Ὁ κ. Γκόρ ἐτόνισεν ὅτι ὁ ἔλεγχος εἶναι ἀπαραίτητος.
ΤΟΜ ΟΚΙΛΤΡΥ
ΤΙ ΣΥΜΒΤΑ Ο κ. ΓΚΟΡ
ΒΑΣΙΓΚΤΩΝ, 18.— (Ἀσσ. Πρέσ). — Ὁ δημοκρατικὸς γερουσιαστὴς Ἄλμπερτ Γκὸρ, ὁ ὁποῖος ἐπανῆλθεν ἐκ Γενεύης, ἐδήλωσεν ὅτι αἱ Ἡνωμέναι Πολιτεῖαι θὰ πρέπει νὰ ἀναστείλουν μονομερῶς τὰς δοκιμὰς πυρηνικῶν ὅπλων εἰς τὴν ἀτμόσφαιραν. Ὁ κ. Γκὸρ ἐτόνισεν ὅτι ἡ ἀναστολὴ θὰ ἀποδείξῃ τὴν καλὴν πίστιν τῆς Ἀμερικῆς. Αἱ δοκιμαὶ ὑπογείως θὰ ἠδύναντο νὰ συνεχισθοῦν. Ἡ πρότασις τοῦ γερουσιαστοῦ προεκάλεσε συζητήσεις εἰς τὴν Οὐάσιγκτων. Ὁ Λευκὸς Οἶκος δὲν ἐσχολίασε τὴν πρότασιν. Οἱ κύκλοι τοῦ Πενταγώνου ἀντιτίθενται.
Ο Κ. ΘΕΟΤΟΚΗΣ ΥΠΕΡΑΜΥΝΕΤΑΙ ΤΗΣ ΠΟΛΙΤΙΚΗΣ ΠΟΥ ΗΚΟΛΟΥΘΗΣΕΝ ΕΠΙ ΤΟΥ ΚΥΠΡΙΑΚΟΥ ΟΤΑΝ ΔΙΗΥΘΥΝΕ ΤΟ ΥΠΟΥΡΓΕΙΟΝ ΕΞΩΤΕΡΙΚΩΝ
ΚΕΡΚΥΡΑ, 18.— Ὁ πρώην ὑπουργὸς κ. Σ. Θεοτόκης ὡμίλησεν εἰς συγκέντρωσιν τῶν ὀπαδῶν του καὶ ὑπερημύνθη τῆς πολιτικῆς τὴν ὁποίαν ἠκολούθησεν ἐπὶ τοῦ Κυπριακοῦ ὅταν διηύθυνε τὸ Ὑπουργεῖον Ἐξωτερικῶν. Ὁ κ. Θεοτόκης ἐτόνισεν ὅτι ἡ προσφυγὴ εἰς τὰ Ἡνωμένα Ἔθνη ἦτο ἡ μόνη ἐνδεδειγμένη λύσις. Ἐπίσης ἐδήλωσεν ὅτι ἡ ἑλληνικὴ κυβέρνησις ἔπραξε τὸ καθῆκον της. Ἐπέκρινε τὴν ἀντιπολίτευσιν διὰ τὰς ἐπιθέσεις της. Ὁ κ. Θεοτόκης ὑπεστήριξεν ὅτι αἱ σχέσεις μὲ τοὺς συμμάχους πρέπει νὰ διατηρηθοῦν. Ἡ ὁμιλία του ἐχειροκροτήθη. Εἰς τὴν συγκέντρωσιν παρέστησαν βουλευταὶ τοῦ νομοῦ καὶ πλῆθος κόσμου. Ὁ κ. Θεοτόκης ἀνεχώρησεν ἀκολούθως διὰ τὰς Ἀθήνας. Ἐν συνεχείᾳ ἐτόνισεν ὅτι τὸ Κυπριακὸν δὲν εἶναι ἁπλῶς ζήτημα ἐξωτερικῆς πολιτικῆς ἀλλὰ ἐθνικὸν θέμα, τὸ ὁποῖον ἀπαιτεῖ τὴν ὁμοψυχίαν ὅλων τῶν Ἑλλήνων. Ἀνεφέρθη εἰς τὰς διαπραγματεύσεις μὲ τὴν Βρεταννίαν καὶ ἐξήγησε τοὺς λόγους διὰ τοὺς ὁποίους δὲν ἐπετεύχθη συμφωνία.
Ο ΑΠ. ΓΚΡΟΖΟΣ ΚΑΤΑΚΡΙΝΕΙ ΤΑ «ΣΦΑΛΜΑΤΑ» ΤΗΣ ΠΡΟΗΓΟΥΜΕΝΗΣ ΗΓΕΣΙΑΣ ΤΟΥ Κ. Κ. Ε.
ΜΟΣΧΑ, 18.— (Ἀσσ. Πρέσ). Ὁ Ἀπ. Γκρόζος, ὁ ὁποῖος ἀνέλαβε τὴν ἡγεσίαν τοῦ Κ.Κ.Ε., κατέκρινεν εἰς ἄρθρον του τὰ «σφάλματα» τῆς προηγουμένης ἡγεσίας τοῦ κόμματος. Εἰς τὸ ἄρθρον, τὸ ὁποῖον δημοσιεύεται εἰς τὴν «Πράβδαν», ὁ κ. Γκρόζος ἀναφέρεται εἰς τὰ λάθη τοῦ Ζαχαριάδη καὶ τῶν συνεργατῶν του. Τονίζει ὅτι τὸ κόμμα ὑπέστη σοβαρὰς ζημίας ἐκ τῆς πολιτικῆς ταύτης. Ὁ κ. Γκρόζος ζητεῖ τὴν ἐπανεξέτασιν τῆς γραμμῆς τοῦ κόμματος καὶ τὴν προσαρμογήν της εἰς τὰς νέας συνθήκας. Τὸ ἄρθρον προεκάλεσε ἐντύπωσιν.
ΕΚΟΠΗ ΕΙΣ ΔΥΟ ΚΑΙ ΚΑΤΕΒΘΙΣΗ ΕΝ ΦΟΡΤΗΓΟΝ
ΕΠΕΒΑΙΝΟΝ 40 ΑΤΟΜΑ
ΣΙΚΑΓΟΝ, 18.— (Ρώϊτερ). Τὸ φορτηγὸν πλοῖον «Κάρλ Μπράντλεϋ» ἐκόπη εἰς δύο καὶ κατεβυθίσθη εἰς τὴν λίμνην Μίτσιγκαν κατὰ τὴν διάρκειαν σφοδρᾶς θυέλλης. Ἐπέβαινον 40 ἄτομα. Διεσώθησαν μόνον δύο. Αἱ ἔρευναι συνεχίζονται.
ῡχρέκα.
Λευκά είδη
είδη Προκός
ΑΔΕΛΦΟΙ
ΑΠ
ΑΘΗΝΑΙ ΘΕΣ/ΝΙΚΗ
ΛΑΜΠΡΟΠΟΥΛΟΙ
Σεντόνια, Προσόψια, Σερβίς, Κουβέρτες πού φέρουν τήν ΣΦΡΑΓΙΔΑ τού καλού γούστου τής έκλεκτής ποιότητος καί ήλεγμένης τιμής.
